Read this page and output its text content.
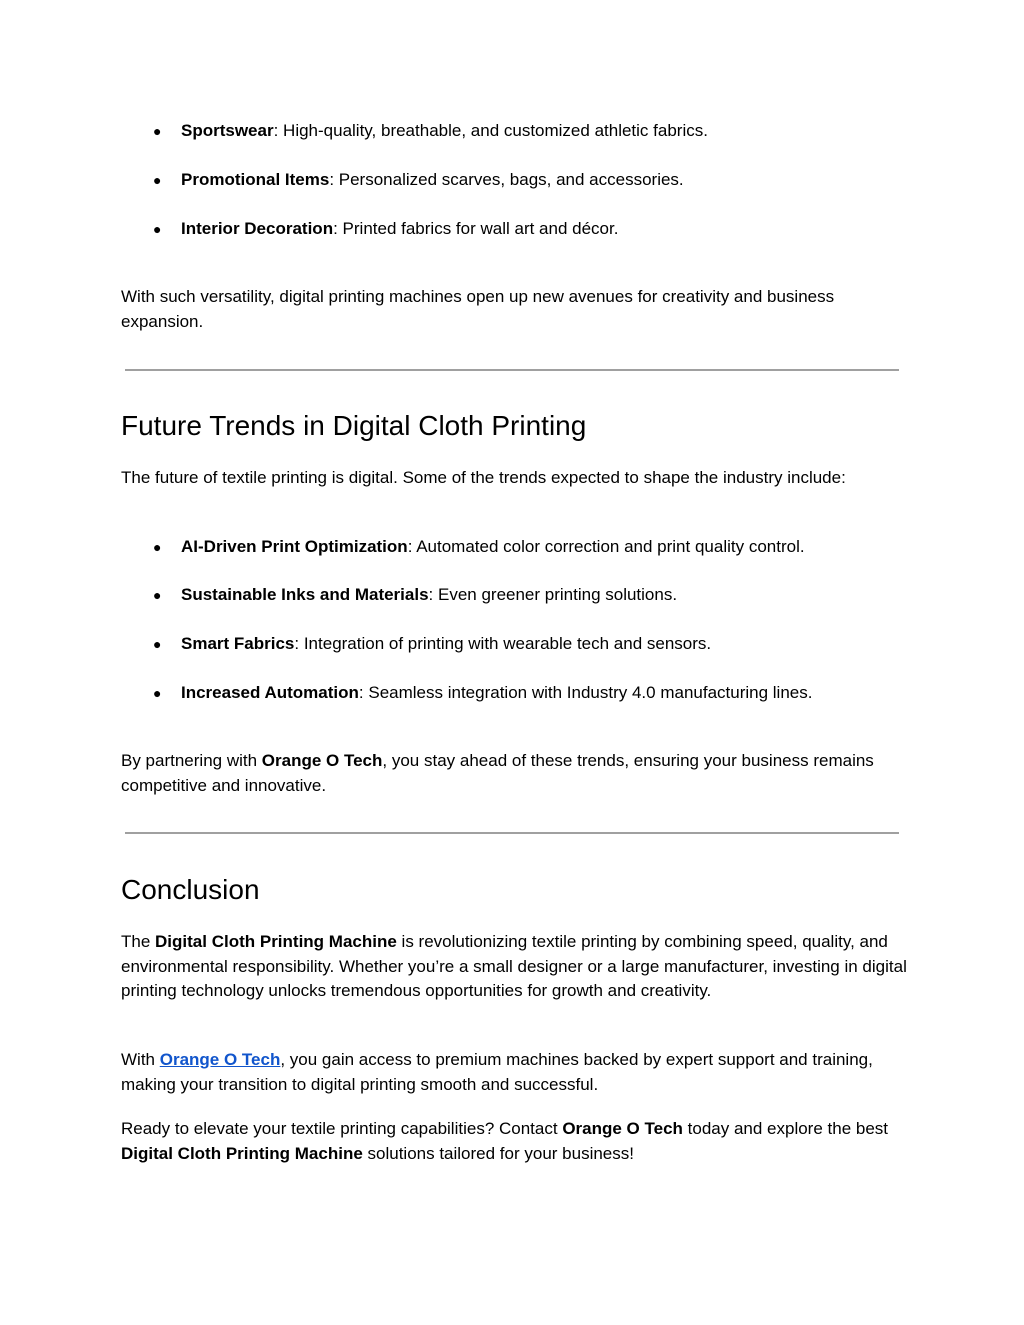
● Sportswear: High-quality, breathable, and customized athletic fabrics.
● Promotional Items: Personalized scarves, bags, and accessories.
● Interior Decoration: Printed fabrics for wall art and décor.

With such versatility, digital printing machines open up new avenues for creativity and business expansion.

Future Trends in Digital Cloth Printing

The future of textile printing is digital. Some of the trends expected to shape the industry include:

● AI-Driven Print Optimization: Automated color correction and print quality control.
● Sustainable Inks and Materials: Even greener printing solutions.
● Smart Fabrics: Integration of printing with wearable tech and sensors.
● Increased Automation: Seamless integration with Industry 4.0 manufacturing lines.

By partnering with Orange O Tech, you stay ahead of these trends, ensuring your business remains competitive and innovative.

Conclusion

The Digital Cloth Printing Machine is revolutionizing textile printing by combining speed, quality, and environmental responsibility. Whether you’re a small designer or a large manufacturer, investing in digital printing technology unlocks tremendous opportunities for growth and creativity.

With Orange O Tech, you gain access to premium machines backed by expert support and training, making your transition to digital printing smooth and successful.

Ready to elevate your textile printing capabilities? Contact Orange O Tech today and explore the best Digital Cloth Printing Machine solutions tailored for your business!
